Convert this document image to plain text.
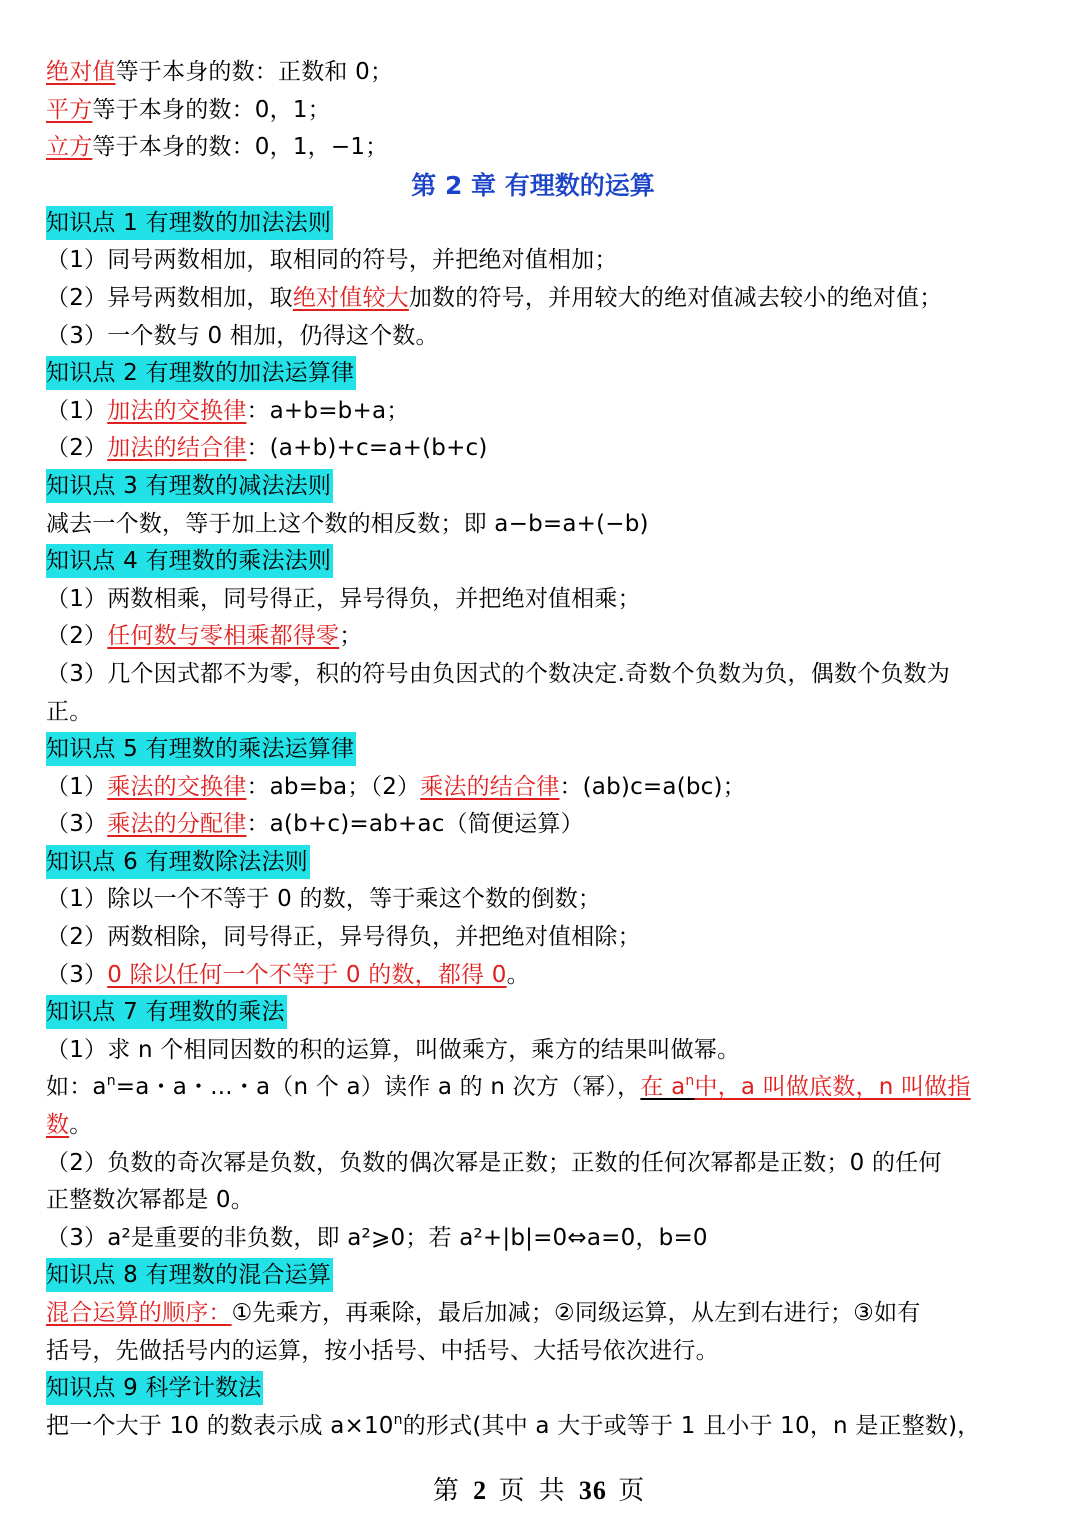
绝对值等于本身的数：正数和 0；
平方等于本身的数：0，1；
立方等于本身的数：0，1，−1；
第 2 章 有理数的运算
知识点 1 有理数的加法法则
（1）同号两数相加，取相同的符号，并把绝对值相加；
（2）异号两数相加，取绝对值较大加数的符号，并用较大的绝对值减去较小的绝对值；
（3）一个数与 0 相加，仍得这个数。
知识点 2 有理数的加法运算律
（1）加法的交换律：a+b=b+a；
（2）加法的结合律：(a+b)+c=a+(b+c)
知识点 3 有理数的减法法则
减去一个数，等于加上这个数的相反数；即 a−b=a+(−b)
知识点 4 有理数的乘法法则
（1）两数相乘，同号得正，异号得负，并把绝对值相乘；
（2）任何数与零相乘都得零；
（3）几个因式都不为零，积的符号由负因式的个数决定.奇数个负数为负，偶数个负数为
正。
知识点 5 有理数的乘法运算律
（1）乘法的交换律：ab=ba；（2）乘法的结合律：(ab)c=a(bc)；
（3）乘法的分配律：a(b+c)=ab+ac（简便运算）
知识点 6 有理数除法法则
（1）除以一个不等于 0 的数，等于乘这个数的倒数；
（2）两数相除，同号得正，异号得负，并把绝对值相除；
（3）0 除以任何一个不等于 0 的数，都得 0。
知识点 7 有理数的乘法
（1）求 n 个相同因数的积的运算，叫做乘方，乘方的结果叫做幂。
如：$a^n=a$・a・...・a（n 个 a）读作 a 的 n 次方（幂），在 $a^n$中，a 叫做底数，n 叫做指
数。
（2）负数的奇次幂是负数，负数的偶次幂是正数；正数的任何次幂都是正数；0 的任何
正整数次幂都是 0。
（3）a²是重要的非负数，即 a²⩾0；若 a²+|b|=0⇔a=0，b=0
知识点 8 有理数的混合运算
混合运算的顺序：①先乘方，再乘除，最后加减；②同级运算，从左到右进行；③如有
括号，先做括号内的运算，按小括号、中括号、大括号依次进行。
知识点 9 科学计数法
把一个大于 10 的数表示成 $a\times 10^n$的形式(其中 a 大于或等于 1 且小于 10，n 是正整数)，
第 2 页 共 36 页
